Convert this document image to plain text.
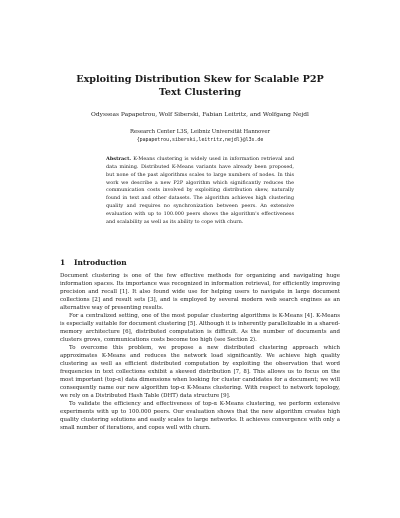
Exploiting Distribution Skew for Scalable P2P
Text Clustering
Odysseas Papapetrou, Wolf Siberski, Fabian Leitritz, and Wolfgang Nejdl
Research Center L3S, Leibniz Universität Hannover
{papapetrou,siberski,leitritz,nejdl}@l3s.de
Abstract. K-Means clustering is widely used in information retrieval and data mining. Distributed K-Means variants have already been proposed, but none of the past algorithms scales to large numbers of nodes. In this work we describe a new P2P algorithm which significantly reduces the communication costs involved by exploiting distribution skew, naturally found in text and other datasets. The algorithm achieves high clustering quality and requires no synchronization between peers. An extensive evaluation with up to 100.000 peers shows the algorithm's effectiveness and scalability as well as its ability to cope with churn.
1 Introduction

Document clustering is one of the few effective methods for organizing and navigating huge information spaces. Its importance was recognized in information retrieval, for efficiently improving precision and recall [1]. It also found wide use for helping users to navigate in large document collections [2] and result sets [3], and is employed by several modern web search engines as an alternative way of presenting results.

For a centralized setting, one of the most popular clustering algorithms is K-Means [4]. K-Means is especially suitable for document clustering [5]. Although it is inherently parallelizable in a shared-memory architecture [6], distributed computation is difficult. As the number of documents and clusters grows, communications costs become too high (see Section 2).

To overcome this problem, we propose a new distributed clustering approach which approximates K-Means and reduces the network load significantly. We achieve high quality clustering as well as efficient distributed computation by exploiting the observation that word frequencies in text collections exhibit a skewed distribution [7, 8]. This allows us to focus on the most important (top-α) data dimensions when looking for cluster candidates for a document; we will consequently name our new algorithm top-α K-Means clustering. With respect to network topology, we rely on a Distributed Hash Table (DHT) data structure [9].

To validate the efficiency and effectiveness of top-α K-Means clustering, we perform extensive experiments with up to 100.000 peers. Our evaluation shows that the new algorithm creates high quality clustering solutions and easily scales to large networks. It achieves convergence with only a small number of iterations, and copes well with churn.
